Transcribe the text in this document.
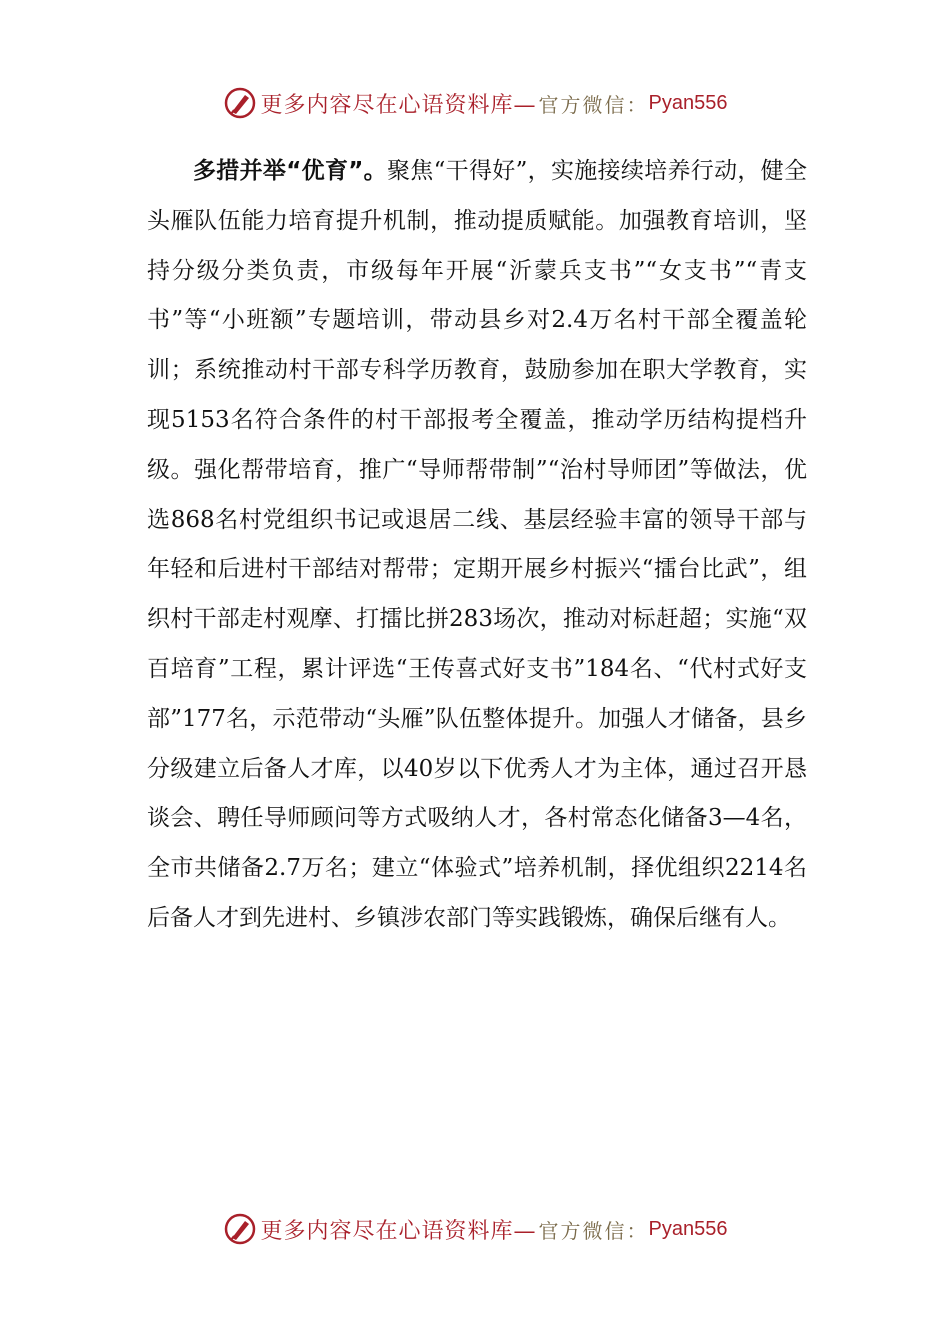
更多内容尽在心语资料库— 官方微信： Pyan556

多措并举“优育”。聚焦“干得好”，实施接续培养行动，健全头雁队伍能力培育提升机制，推动提质赋能。加强教育培训，坚持分级分类负责，市级每年开展“沂蒙兵支书”“女支书”“青支书”等“小班额”专题培训，带动县乡对2.4万名村干部全覆盖轮训；系统推动村干部专科学历教育，鼓励参加在职大学教育，实现5153名符合条件的村干部报考全覆盖，推动学历结构提档升级。强化帮带培育，推广“导师帮带制”“治村导师团”等做法，优选868名村党组织书记或退居二线、基层经验丰富的领导干部与年轻和后进村干部结对帮带；定期开展乡村振兴“擂台比武”，组织村干部走村观摩、打擂比拼283场次，推动对标赶超；实施“双百培育”工程，累计评选“王传喜式好支书”184名、“代村式好支部”177名，示范带动“头雁”队伍整体提升。加强人才储备，县乡分级建立后备人才库，以40岁以下优秀人才为主体，通过召开恳谈会、聘任导师顾问等方式吸纳人才，各村常态化储备3—4名，全市共储备2.7万名；建立“体验式”培养机制，择优组织2214名后备人才到先进村、乡镇涉农部门等实践锻炼，确保后继有人。

更多内容尽在心语资料库— 官方微信： Pyan556
